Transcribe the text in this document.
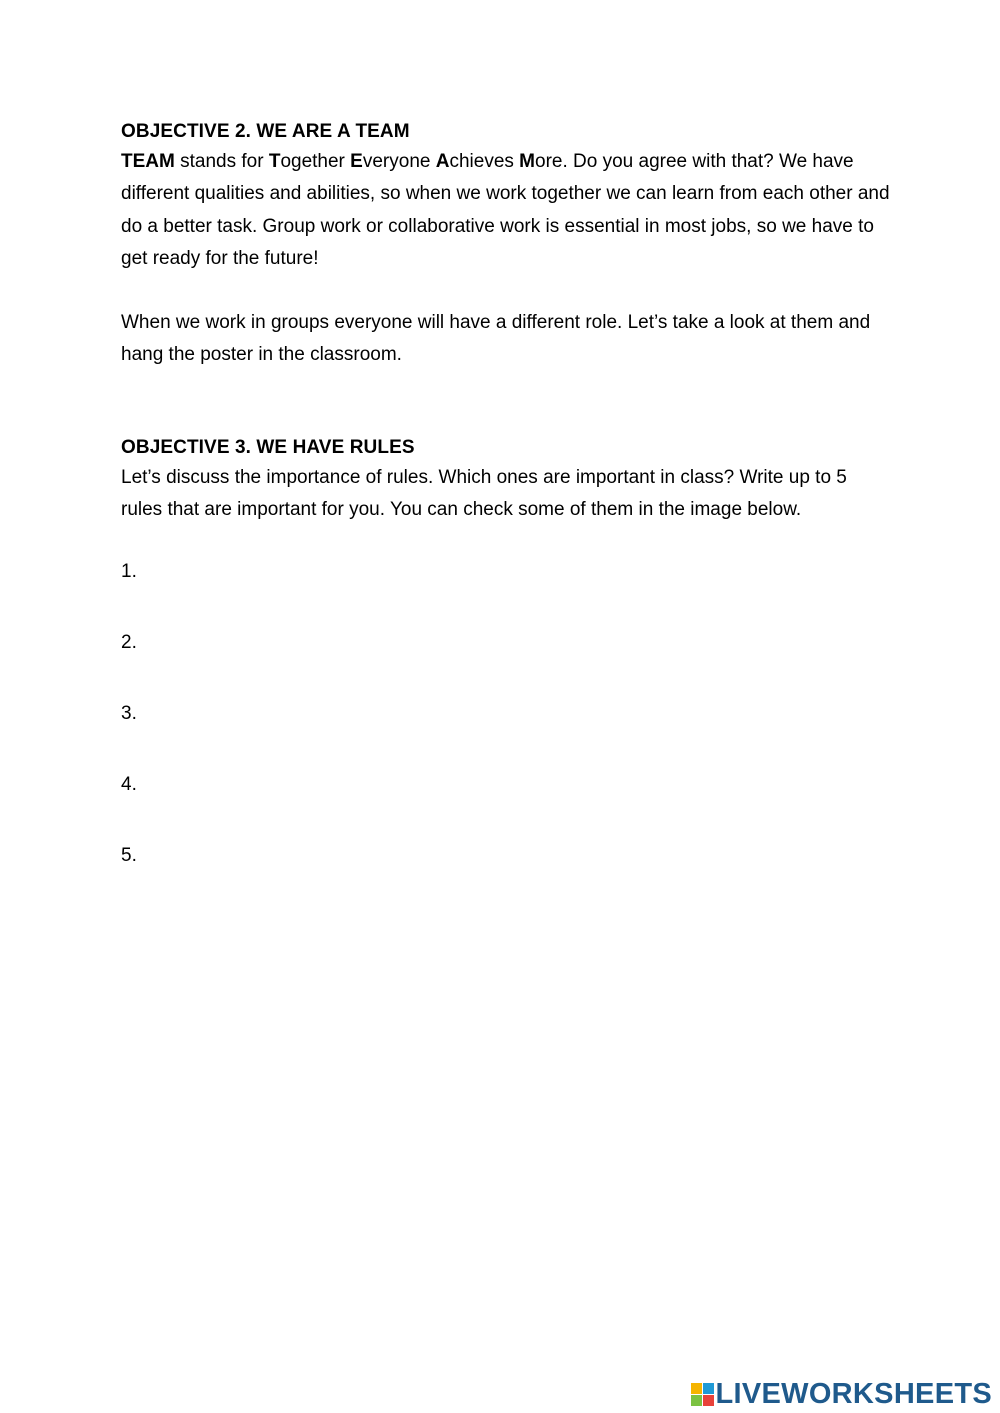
OBJECTIVE 2. WE ARE A TEAM

TEAM stands for Together Everyone Achieves More. Do you agree with that? We have different qualities and abilities, so when we work together we can learn from each other and do a better task. Group work or collaborative work is essential in most jobs, so we have to get ready for the future!

When we work in groups everyone will have a different role. Let’s take a look at them and hang the poster in the classroom.

OBJECTIVE 3. WE HAVE RULES

Let’s discuss the importance of rules. Which ones are important in class? Write up to 5 rules that are important for you. You can check some of them in the image below.

1.
2.
3.
4.
5.
LIVEWORKSHEETS
